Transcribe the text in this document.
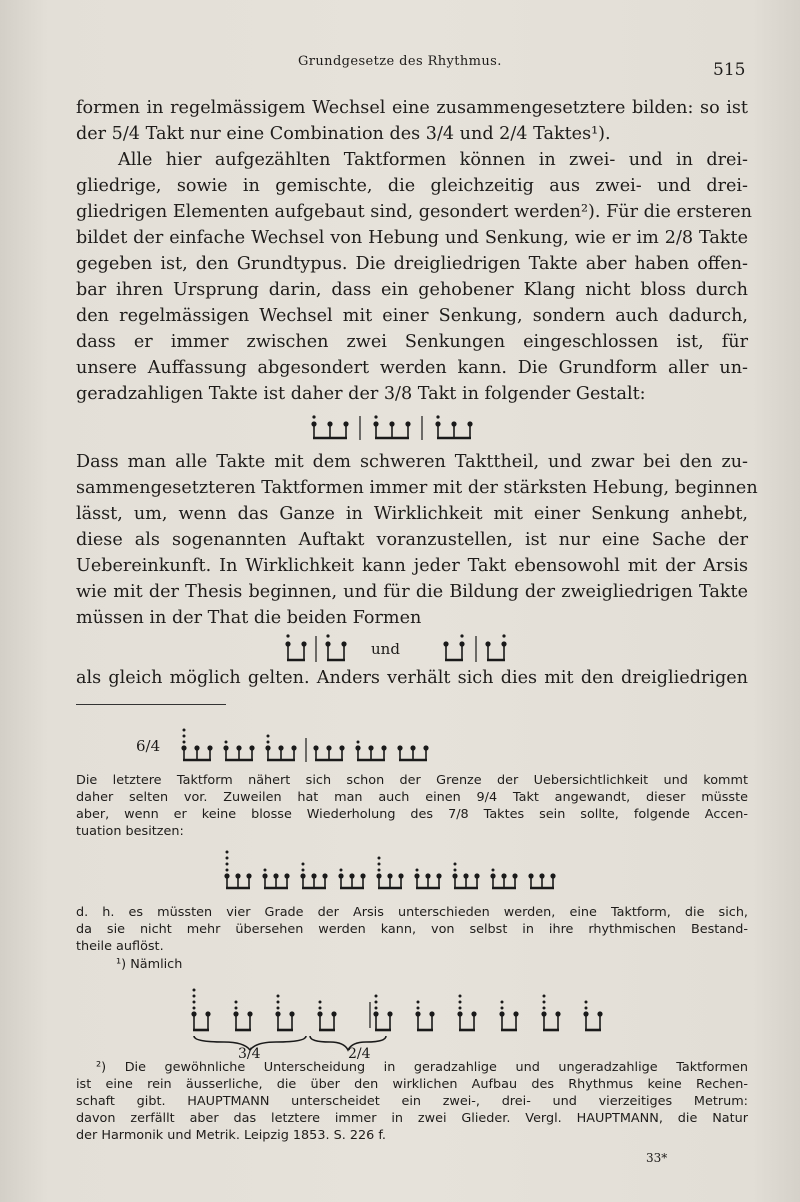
Grundgesetze des Rhythmus.	515
formen in regelmässigem Wechsel eine zusammengesetztere bilden: so ist
der 5/4 Takt nur eine Combination des 3/4 und 2/4 Taktes¹).
Alle hier aufgezählten Taktformen können in zwei- und in drei-
gliedrige, sowie in gemischte, die gleichzeitig aus zwei- und drei-
gliedrigen Elementen aufgebaut sind, gesondert werden²). Für die ersteren
bildet der einfache Wechsel von Hebung und Senkung, wie er im 2/8 Takte
gegeben ist, den Grundtypus. Die dreigliedrigen Takte aber haben offen-
bar ihren Ursprung darin, dass ein gehobener Klang nicht bloss durch
den regelmässigen Wechsel mit einer Senkung, sondern auch dadurch,
dass er immer zwischen zwei Senkungen eingeschlossen ist, für
unsere Auffassung abgesondert werden kann. Die Grundform aller un-
geradzahligen Takte ist daher der 3/8 Takt in folgender Gestalt:
Dass man alle Takte mit dem schweren Takttheil, und zwar bei den zu-
sammengesetzteren Taktformen immer mit der stärksten Hebung, beginnen
lässt, um, wenn das Ganze in Wirklichkeit mit einer Senkung anhebt,
diese als sogenannten Auftakt voranzustellen, ist nur eine Sache der
Uebereinkunft. In Wirklichkeit kann jeder Takt ebensowohl mit der Arsis
wie mit der Thesis beginnen, und für die Bildung der zweigliedrigen Takte
müssen in der That die beiden Formen
und
als gleich möglich gelten. Anders verhält sich dies mit den dreigliedrigen
6/4
Die letztere Taktform nähert sich schon der Grenze der Uebersichtlichkeit und kommt
daher selten vor. Zuweilen hat man auch einen 9/4 Takt angewandt, dieser müsste
aber, wenn er keine blosse Wiederholung des 7/8 Taktes sein sollte, folgende Accen-
tuation besitzen:
d. h. es müssten vier Grade der Arsis unterschieden werden, eine Taktform, die sich,
da sie nicht mehr übersehen werden kann, von selbst in ihre rhythmischen Bestand-
theile auflöst.
¹) Nämlich
3/4	2/4
²) Die gewöhnliche Unterscheidung in geradzahlige und ungeradzahlige Taktformen
ist eine rein äusserliche, die über den wirklichen Aufbau des Rhythmus keine Rechen-
schaft gibt. HAUPTMANN unterscheidet ein zwei-, drei- und vierzeitiges Metrum:
davon zerfällt aber das letztere immer in zwei Glieder. Vergl. HAUPTMANN, die Natur
der Harmonik und Metrik. Leipzig 1853. S. 226 f.
33*
